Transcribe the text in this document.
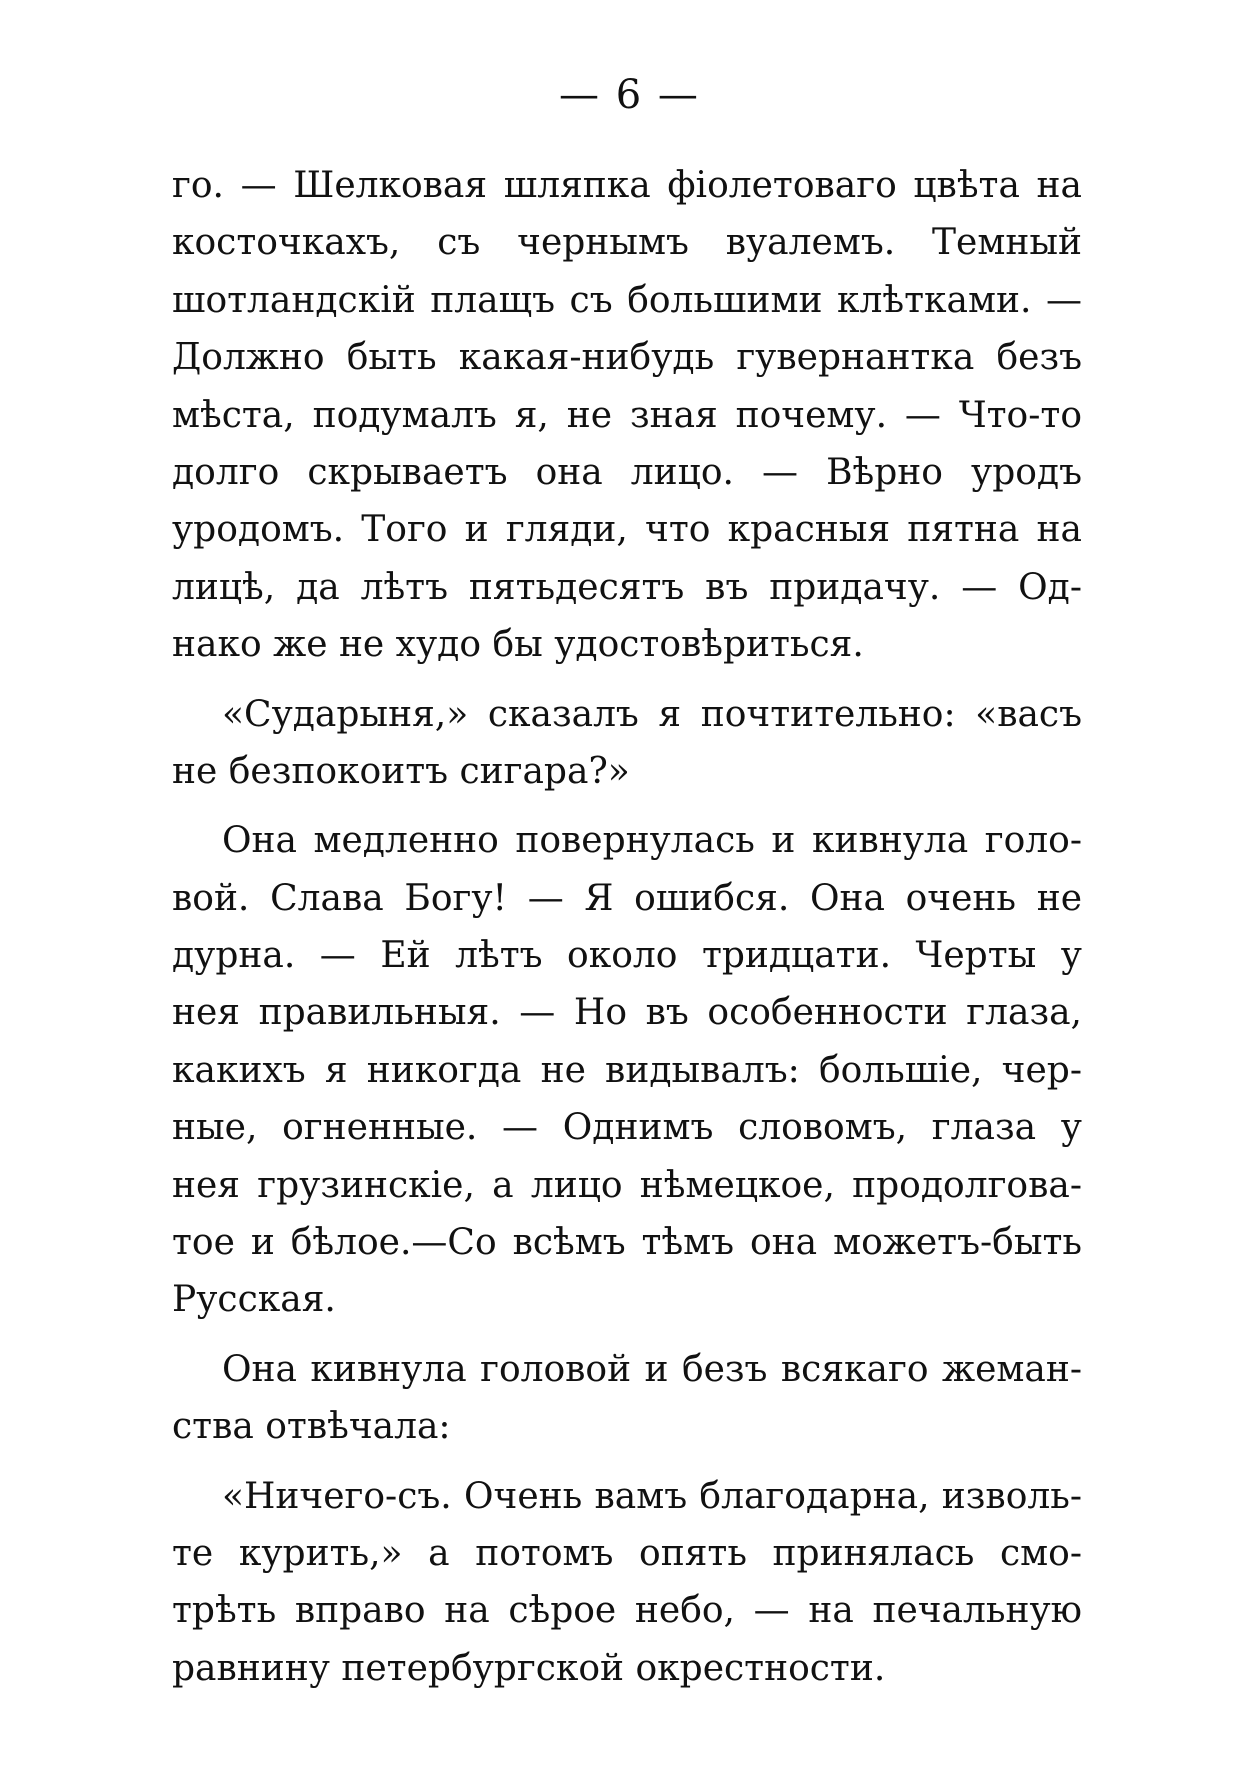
— 6 —
го. — Шелковая шляпка фіолетоваго цвѣта на
косточкахъ, съ чернымъ вуалемъ. Темный
шотландскій плащъ съ большими клѣтками. —
Должно быть какая-нибудь гувернантка безъ
мѣста, подумалъ я, не зная почему. — Что-то
долго скрываетъ она лицо. — Вѣрно уродъ
уродомъ. Того и гляди, что красныя пятна на
лицѣ, да лѣтъ пятьдесятъ въ придачу. — Од-
нако же не худо бы удостовѣриться.
«Сударыня,» сказалъ я почтительно: «васъ
не безпокоитъ сигара?»
Она медленно повернулась и кивнула голо-
вой. Слава Богу! — Я ошибся. Она очень не
дурна. — Ей лѣтъ около тридцати. Черты у
нея правильныя. — Но въ особенности глаза,
какихъ я никогда не видывалъ: большіе, чер-
ные, огненные. — Однимъ словомъ, глаза у
нея грузинскіе, а лицо нѣмецкое, продолгова-
тое и бѣлое.—Со всѣмъ тѣмъ она можетъ-быть
Русская.
Она кивнула головой и безъ всякаго жеман-
ства отвѣчала:
«Ничего-съ. Очень вамъ благодарна, изволь-
те курить,» а потомъ опять принялась смо-
трѣть вправо на сѣрое небо, — на печальную
равнину петербургской окрестности.
